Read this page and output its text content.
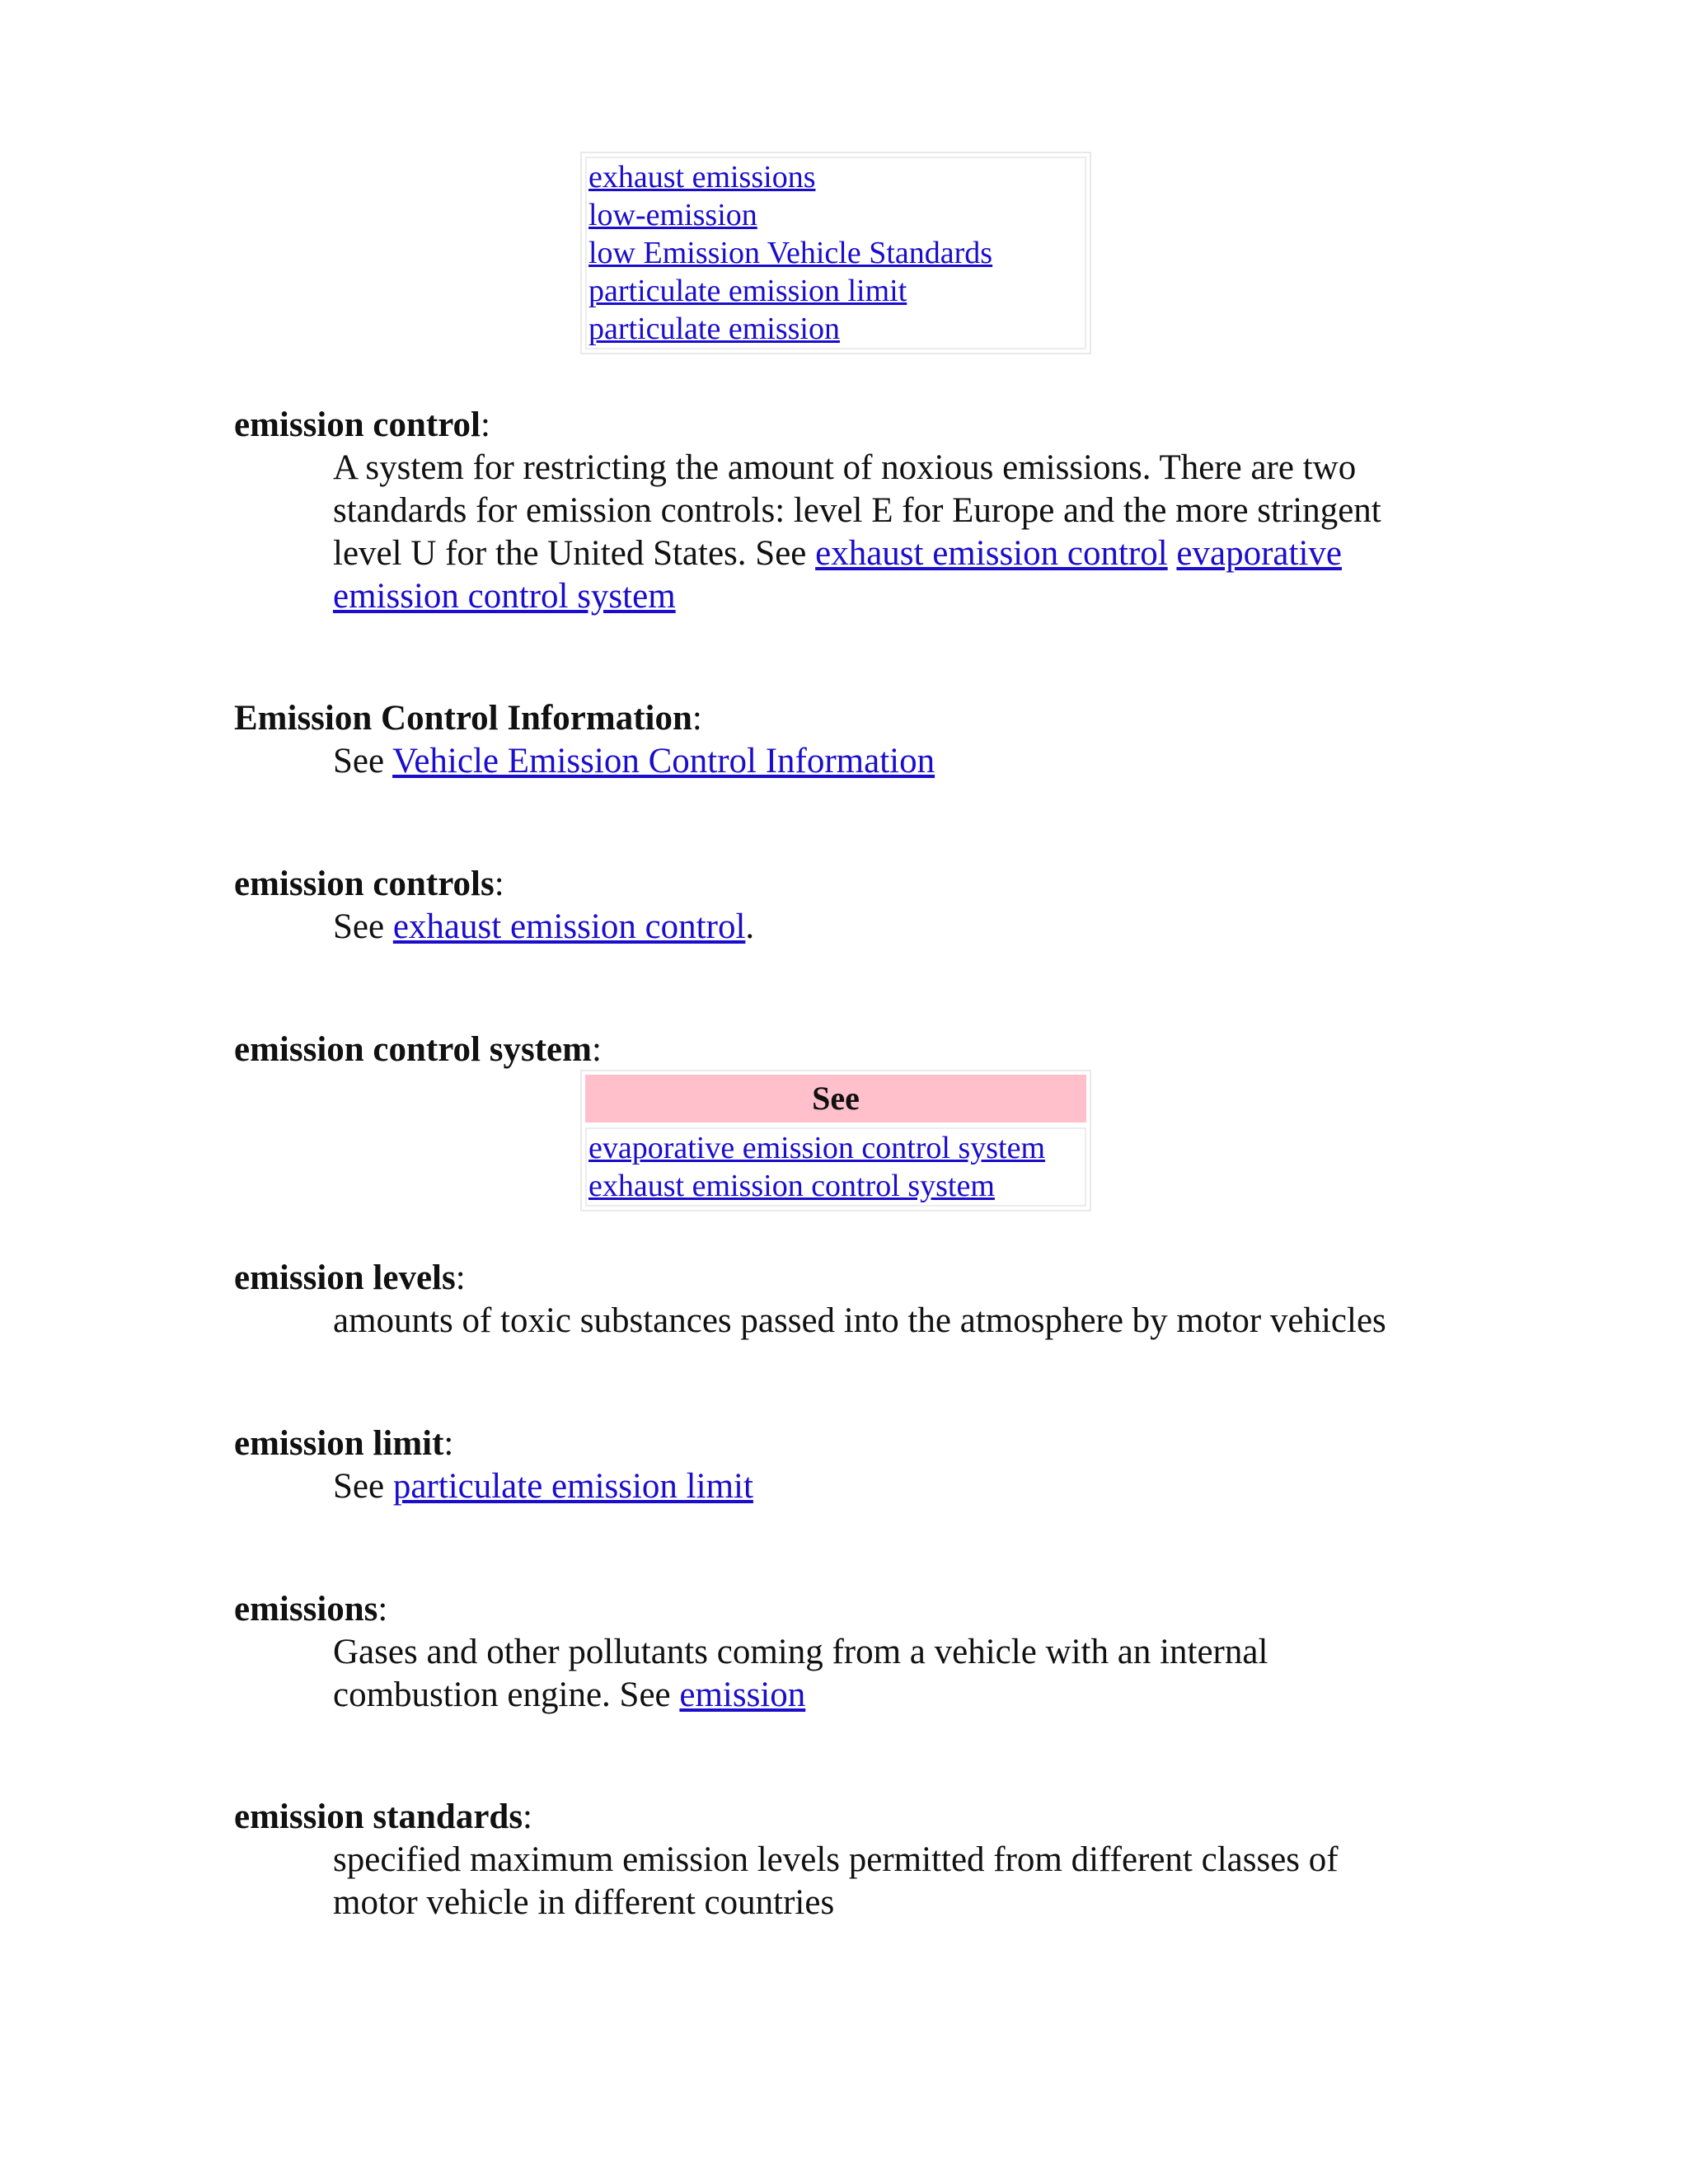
exhaust emissions
low-emission
low Emission Vehicle Standards
particulate emission limit
particulate emission
emission control:
A system for restricting the amount of noxious emissions. There are two standards for emission controls: level E for Europe and the more stringent level U for the United States. See exhaust emission control evaporative emission control system
Emission Control Information:
See Vehicle Emission Control Information
emission controls:
See exhaust emission control.
emission control system:
See
evaporative emission control system
exhaust emission control system
emission levels:
amounts of toxic substances passed into the atmosphere by motor vehicles
emission limit:
See particulate emission limit
emissions:
Gases and other pollutants coming from a vehicle with an internal combustion engine. See emission
emission standards:
specified maximum emission levels permitted from different classes of motor vehicle in different countries
